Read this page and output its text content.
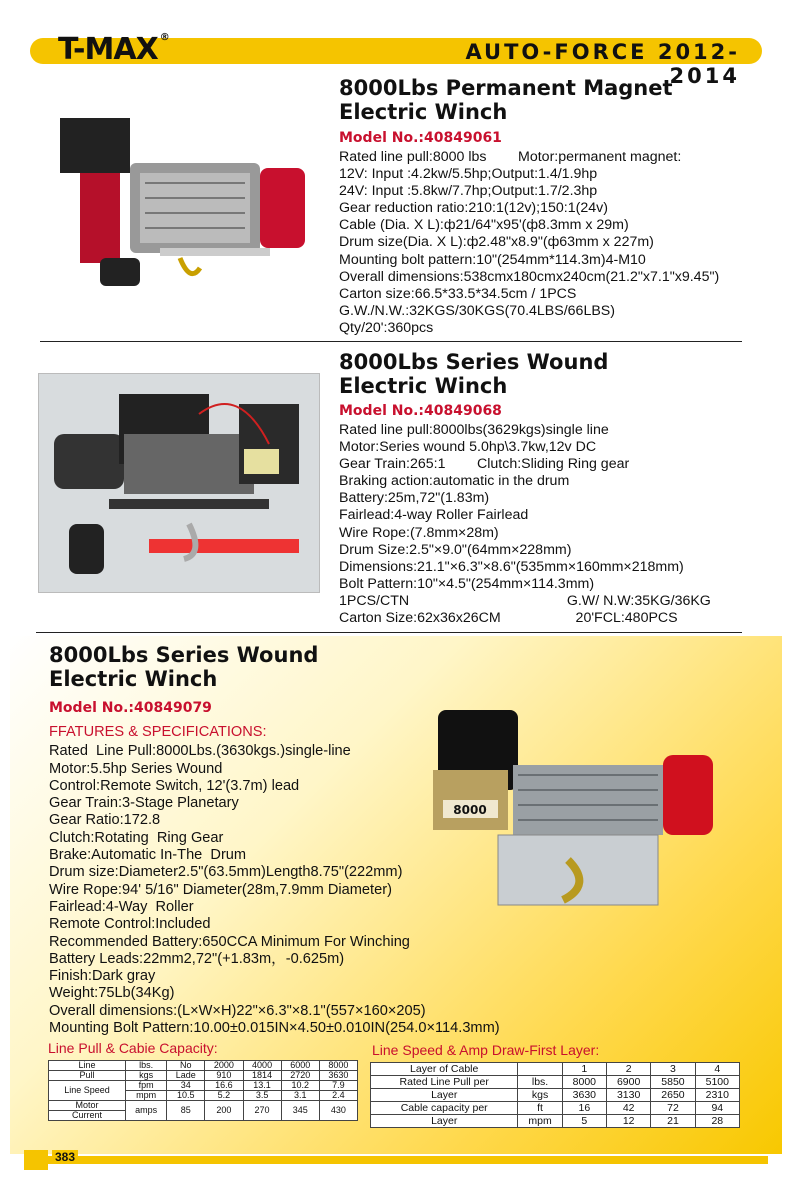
T-MAX ®
AUTO-FORCE 2012-2014
8000Lbs Permanent Magnet
Electric Winch
Model No.:40849061
Rated line pull:8000 lbs        Motor:permanent magnet:
12V: Input :4.2kw/5.5hp;Output:1.4/1.9hp
24V: Input :5.8kw/7.7hp;Output:1.7/2.3hp
Gear reduction ratio:210:1(12v);150:1(24v)
Cable (Dia. X L):ф21/64"x95'(ф8.3mm x 29m)
Drum size(Dia. X L):ф2.48"x8.9"(ф63mm x 227m)
Mounting bolt pattern:10"(254mm*114.3m)4-M10
Overall dimensions:538cmx180cmx240cm(21.2"x7.1"x9.45")
Carton size:66.5*33.5*34.5cm / 1PCS
G.W./N.W.:32KGS/30KGS(70.4LBS/66LBS)
Qty/20':360pcs
8000Lbs Series Wound
Electric Winch
Model No.:40849068
Rated line pull:8000lbs(3629kgs)single line
Motor:Series wound 5.0hp\3.7kw,12v DC
Gear Train:265:1        Clutch:Sliding Ring gear
Braking action:automatic in the drum
Battery:25m,72"(1.83m)
Fairlead:4-way Roller Fairlead
Wire Rope:(7.8mm×28m)
Drum Size:2.5"×9.0"(64mm×228mm)
Dimensions:21.1"×6.3"×8.6"(535mm×160mm×218mm)
Bolt Pattern:10"×4.5"(254mm×114.3mm)
1PCS/CTN                                        G.W/ N.W:35KG/36KG
Carton Size:62x36x26CM                   20'FCL:480PCS
8000
8000Lbs Series Wound
Electric Winch
Model No.:40849079
FFATURES & SPECIFICATIONS:
Rated  Line Pull:8000Lbs.(3630kgs.)single-line
Motor:5.5hp Series Wound
Control:Remote Switch, 12'(3.7m) lead
Gear Train:3-Stage Planetary
Gear Ratio:172.8
Clutch:Rotating  Ring Gear
Brake:Automatic In-The  Drum
Drum size:Diameter2.5"(63.5mm)Length8.75"(222mm)
Wire Rope:94' 5/16" Diameter(28m,7.9mm Diameter)
Fairlead:4-Way  Roller
Remote Control:Included
Recommended Battery:650CCA Minimum For Winching
Battery Leads:22mm2,72"(+1.83m，-0.625m)
Finish:Dark gray
Weight:75Lb(34Kg)
Overall dimensions:(L×W×H)22"×6.3"×8.1"(557×160×205)
Mounting Bolt Pattern:10.00±0.015IN×4.50±0.010IN(254.0×114.3mm)
Line Pull & Cabie Capacity:	Line Speed & Amp Draw-First Layer:
Line	lbs.	No	2000	4000	6000	8000
Pull	kgs	Lade	910	1814	2720	3630
Line Speed	fpm	34	16.6	13.1	10.2	7.9
	mpm	10.5	5.2	3.5	3.1	2.4
Motor	amps	85	200	270	345	430
Current						
Layer of Cable		1	2	3	4
Rated Line Pull per	lbs.	8000	6900	5850	5100
Layer	kgs	3630	3130	2650	2310
Cable capacity per	ft	16	42	72	94
Layer	mpm	5	12	21	28
383
